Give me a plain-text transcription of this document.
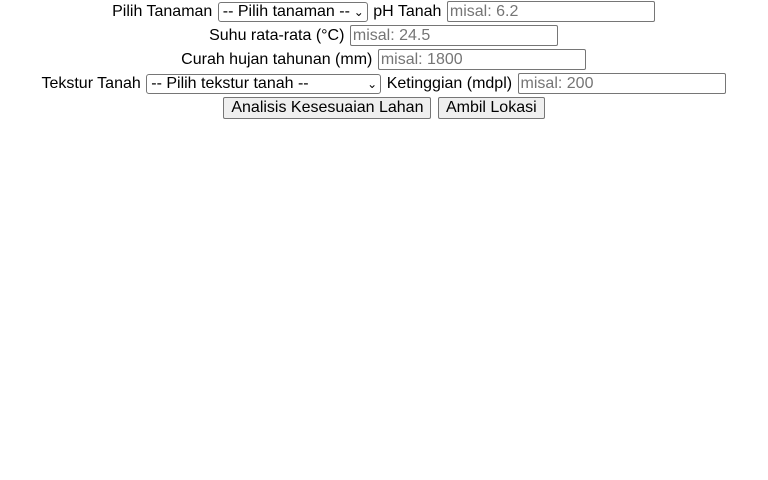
Pilih Tanaman -- Pilih tanaman -- ⌄ pH Tanah misal: 6.2
Suhu rata-rata (°C) misal: 24.5
Curah hujan tahunan (mm) misal: 1800
Tekstur Tanah -- Pilih tekstur tanah --	⌄ Ketinggian (mdpl) misal: 200
Analisis Kesesuaian Lahan Ambil Lokasi
